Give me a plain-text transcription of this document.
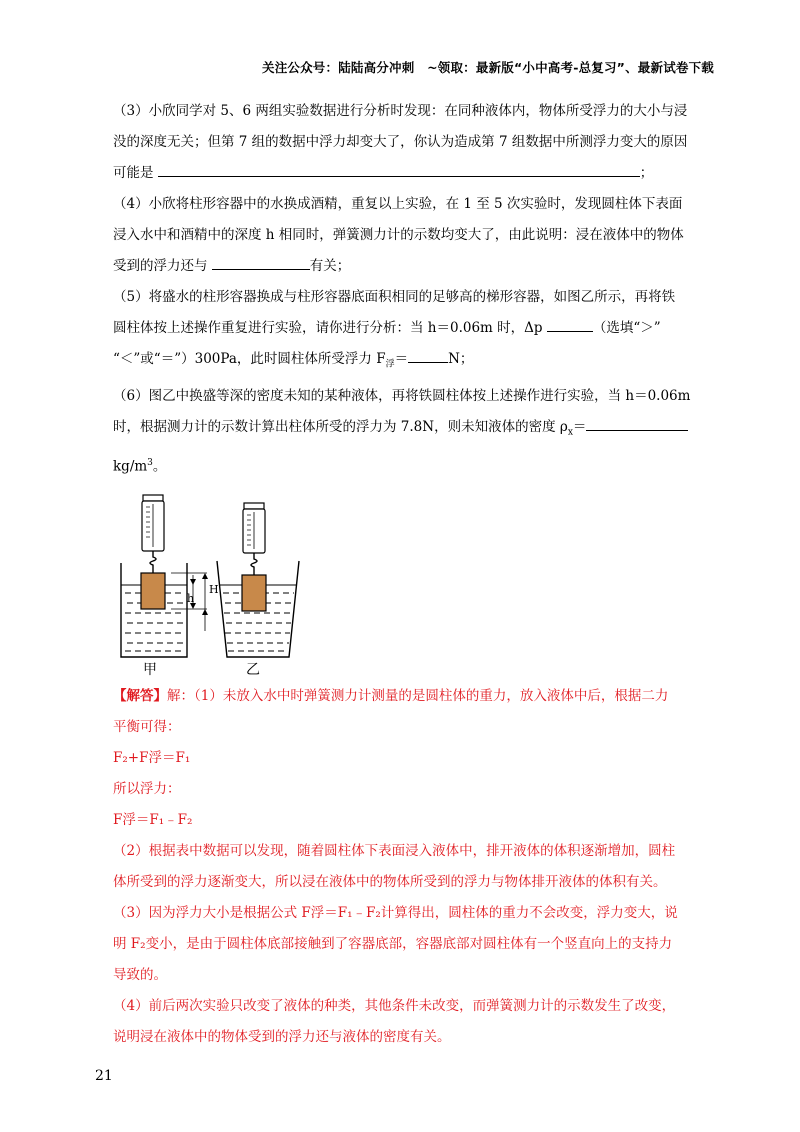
关注公众号：陆陆高分冲刺　~领取：最新版“小中高考-总复习”、最新试卷下载

（3）小欣同学对 5、6 两组实验数据进行分析时发现：在同种液体内，物体所受浮力的大小与浸

没的深度无关；但第 7 组的数据中浮力却变大了，你认为造成第 7 组数据中所测浮力变大的原因

可能是	；

（4）小欣将柱形容器中的水换成酒精，重复以上实验，在 1 至 5 次实验时，发现圆柱体下表面

浸入水中和酒精中的深度 h 相同时，弹簧测力计的示数均变大了，由此说明：浸在液体中的物体

受到的浮力还与	有关；

（5）将盛水的柱形容器换成与柱形容器底面积相同的足够高的梯形容器，如图乙所示，再将铁

圆柱体按上述操作重复进行实验，请你进行分析：当 h＝0.06m 时，Δp	（选填“＞”

“＜”或“＝”）300Pa，此时圆柱体所受浮力 $F_浮=$	N；

（6）图乙中换盛等深的密度未知的某种液体，再将铁圆柱体按上述操作进行实验，当 h＝0.06m

时，根据测力计的示数计算出柱体所受的浮力为 7.8N，则未知液体的密度 $\rho_x=$

$kg/m^3$。

h
H
甲	乙

【解答】解：（1）未放入水中时弹簧测力计测量的是圆柱体的重力，放入液体中后，根据二力

平衡可得：

F₂+F浮＝F₁

所以浮力：

F浮＝F₁﹣F₂

（2）根据表中数据可以发现，随着圆柱体下表面浸入液体中，排开液体的体积逐渐增加，圆柱

体所受到的浮力逐渐变大，所以浸在液体中的物体所受到的浮力与物体排开液体的体积有关。

（3）因为浮力大小是根据公式 F浮＝F₁﹣F₂计算得出，圆柱体的重力不会改变，浮力变大，说

明 F₂变小，是由于圆柱体底部接触到了容器底部，容器底部对圆柱体有一个竖直向上的支持力

导致的。

（4）前后两次实验只改变了液体的种类，其他条件未改变，而弹簧测力计的示数发生了改变，

说明浸在液体中的物体受到的浮力还与液体的密度有关。

21
